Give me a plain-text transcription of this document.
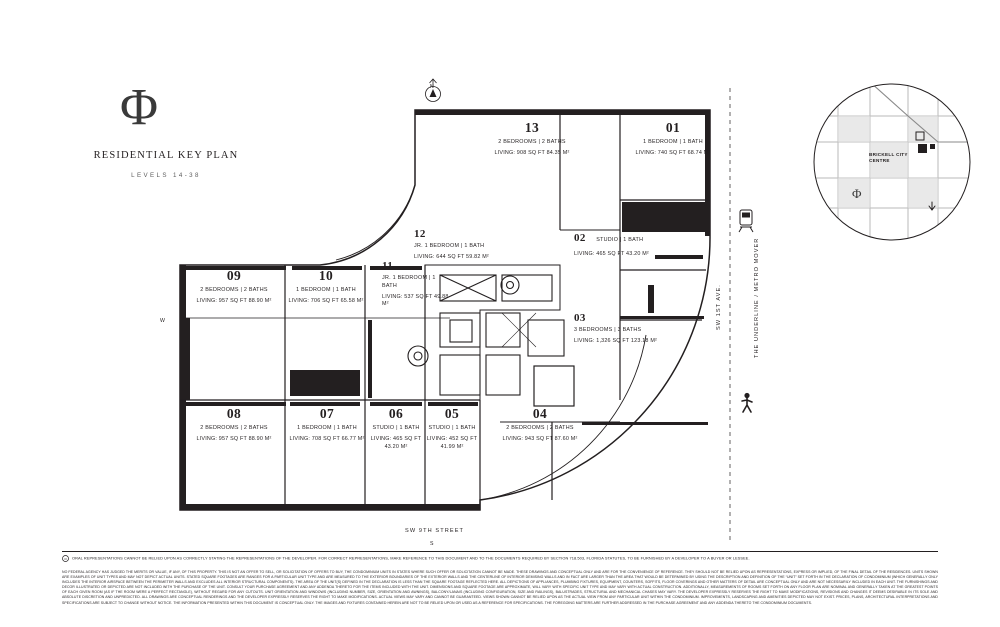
Φ
RESIDENTIAL KEY PLAN
LEVELS 14-38
13
2 BEDROOMS | 2 BATHS
LIVING: 908 SQ FT 84.35 M²
01
1 BEDROOM | 1 BATH
LIVING: 740 SQ FT 68.74 M²
12
JR. 1 BEDROOM | 1 BATH
LIVING: 644 SQ FT 59.82 M²
02 STUDIO | 1 BATH
LIVING: 465 SQ FT 43.20 M²
11
JR. 1 BEDROOM | 1 BATH
LIVING: 537 SQ FT 49.88 M²
03
3 BEDROOMS | 3 BATHS
LIVING: 1,326 SQ FT 123.18 M²
09
2 BEDROOMS | 2 BATHS
LIVING: 957 SQ FT 88.90 M²
10
1 BEDROOM | 1 BATH
LIVING: 706 SQ FT 65.58 M²
08
2 BEDROOMS | 2 BATHS
LIVING: 957 SQ FT 88.90 M²
07
1 BEDROOM | 1 BATH
LIVING: 708 SQ FT 66.77 M²
06
STUDIO | 1 BATH
LIVING: 465 SQ FT 43.20 M²
05
STUDIO | 1 BATH
LIVING: 452 SQ FT 41.99 M²
04
2 BEDROOMS | 2 BATHS
LIVING: 943 SQ FT 87.60 M²
N
S
W
SW 9TH STREET
SW 1ST AVE.	THE UNDERLINE / METRO MOVER
BRICKELL CITY CENTRE
Φ
o ORAL REPRESENTATIONS CANNOT BE RELIED UPON AS CORRECTLY STATING THE REPRESENTATIONS OF THE DEVELOPER. FOR CORRECT REPRESENTATIONS, MAKE REFERENCE TO THIS DOCUMENT AND TO THE DOCUMENTS REQUIRED BY SECTION 718.503, FLORIDA STATUTES, TO BE FURNISHED BY A DEVELOPER TO A BUYER OR LESSEE.
NO FEDERAL AGENCY HAS JUDGED THE MERITS OR VALUE, IF ANY, OF THIS PROPERTY. THIS IS NOT AN OFFER TO SELL, OR SOLICITATION OF OFFERS TO BUY, THE CONDOMINIUM UNITS IN STATES WHERE SUCH OFFER OR SOLICITATION CANNOT BE MADE. THESE DRAWINGS AND CONCEPTUAL ONLY AND ARE FOR THE CONVENIENCE OF REFERENCE. THEY SHOULD NOT BE RELIED UPON AS REPRESENTATIONS, EXPRESS OR IMPLIED, OF THE FINAL DETAIL OF THE RESIDENCES. UNITS SHOWN ARE EXAMPLES OF UNIT TYPES AND MAY NOT DEPICT ACTUAL UNITS. STATED SQUARE FOOTAGES ARE RANGES FOR A PARTICULAR UNIT TYPE AND ARE MEASURED TO THE EXTERIOR BOUNDARIES OF THE EXTERIOR WALLS AND THE CENTERLINE OF INTERIOR DEMISING WALLS AND IN FACT ARE LARGER THAN THE AREA THAT WOULD BE DETERMINED BY USING THE DESCRIPTION AND DEFINITION OF THE “UNIT” SET FORTH IN THE DECLARATION OF CONDOMINIUM (WHICH GENERALLY ONLY INCLUDES THE INTERIOR AIRSPACE BETWEEN THE PERIMETER WALLS AND EXCLUDES ALL INTERIOR STRUCTURAL COMPONENTS). THE AREA OF THE UNIT(S) DEFINED IN THE DECLARATION IS LESS THAN THE SQUARE FOOTAGE REFLECTED HERE. ALL DEPICTIONS OF APPLIANCES, PLUMBING FIXTURES, EQUIPMENT, COUNTERS, SOFFITS, FLOOR COVERINGS AND OTHER MATTERS OF DETAIL ARE CONCEPTUAL ONLY AND ARE NOT NECESSARILY INCLUDED IN EACH UNIT. THE FURNISHINGS AND DECOR ILLUSTRATED OR DEPICTED ARE NOT INCLUDED WITH THE PURCHASE OF THE UNIT. CONSULT YOUR PURCHASE AGREEMENT AND ANY ADDENDA THERETO FOR THE ITEMS INCLUDED WITH THE UNIT. DIMENSIONS AND SQUARE FOOTAGE ARE APPROXIMATE, WILL VARY WITH SPECIFIC UNIT TYPE AND MAY VARY WITH ACTUAL CONSTRUCTION. ADDITIONALLY, MEASUREMENTS OF ROOMS SET FORTH ON ANY FLOOR PLAN ARE NOMINAL AND GENERALLY TAKEN AT THE GREATEST POINTS OF EACH GIVEN ROOM (AS IF THE ROOM WERE A PERFECT RECTANGLE), WITHOUT REGARD FOR ANY CUTOUTS. UNIT ORIENTATION AND WINDOWS (INCLUDING NUMBER, SIZE, ORIENTATION AND AWNINGS), BALCONY/LANAIS (INCLUDING CONFIGURATION, SIZE AND RAILINGS), BALUSTRADES, STRUCTURAL AND MECHANICAL CHASES MAY VARY. THE DEVELOPER EXPRESSLY RESERVES THE RIGHT TO MAKE MODIFICATIONS, REVISIONS AND CHANGES IT DEEMS DESIRABLE IN ITS SOLE AND ABSOLUTE DISCRETION AND UNPREDICTED. ALL DRAWINGS ARE CONCEPTUAL RENDERINGS AND THE DEVELOPER EXPRESSLY RESERVES THE RIGHT TO MAKE MODIFICATIONS. ACTUAL VIEWS MAY VARY AND CANNOT BE GUARANTEED. VIEWS SHOWN CANNOT BE RELIED UPON AS THE ACTUAL VIEW FROM ANY PARTICULAR UNIT WITHIN THE CONDOMINIUM. IMPROVEMENTS, LANDSCAPING AND AMENITIES DEPICTED MAY NOT EXIST. PRICES, PLANS, ARCHITECTURAL INTERPRETATIONS AND SPECIFICATIONS ARE SUBJECT TO CHANGE WITHOUT NOTICE. THE INFORMATION PRESENTED WITHIN THIS DOCUMENT IS CONCEPTUAL ONLY. THE IMAGES AND FIXTURES CONTAINED HEREIN ARE NOT TO BE RELIED UPON OR USED AS A REFERENCE FOR SPECIFICATIONS. THE FOREGOING MATTERS ARE FURTHER ADDRESSED IN THE PURCHASE AGREEMENT AND ANY ADDENDA THERETO THE CONDOMINIUM DOCUMENTS.
